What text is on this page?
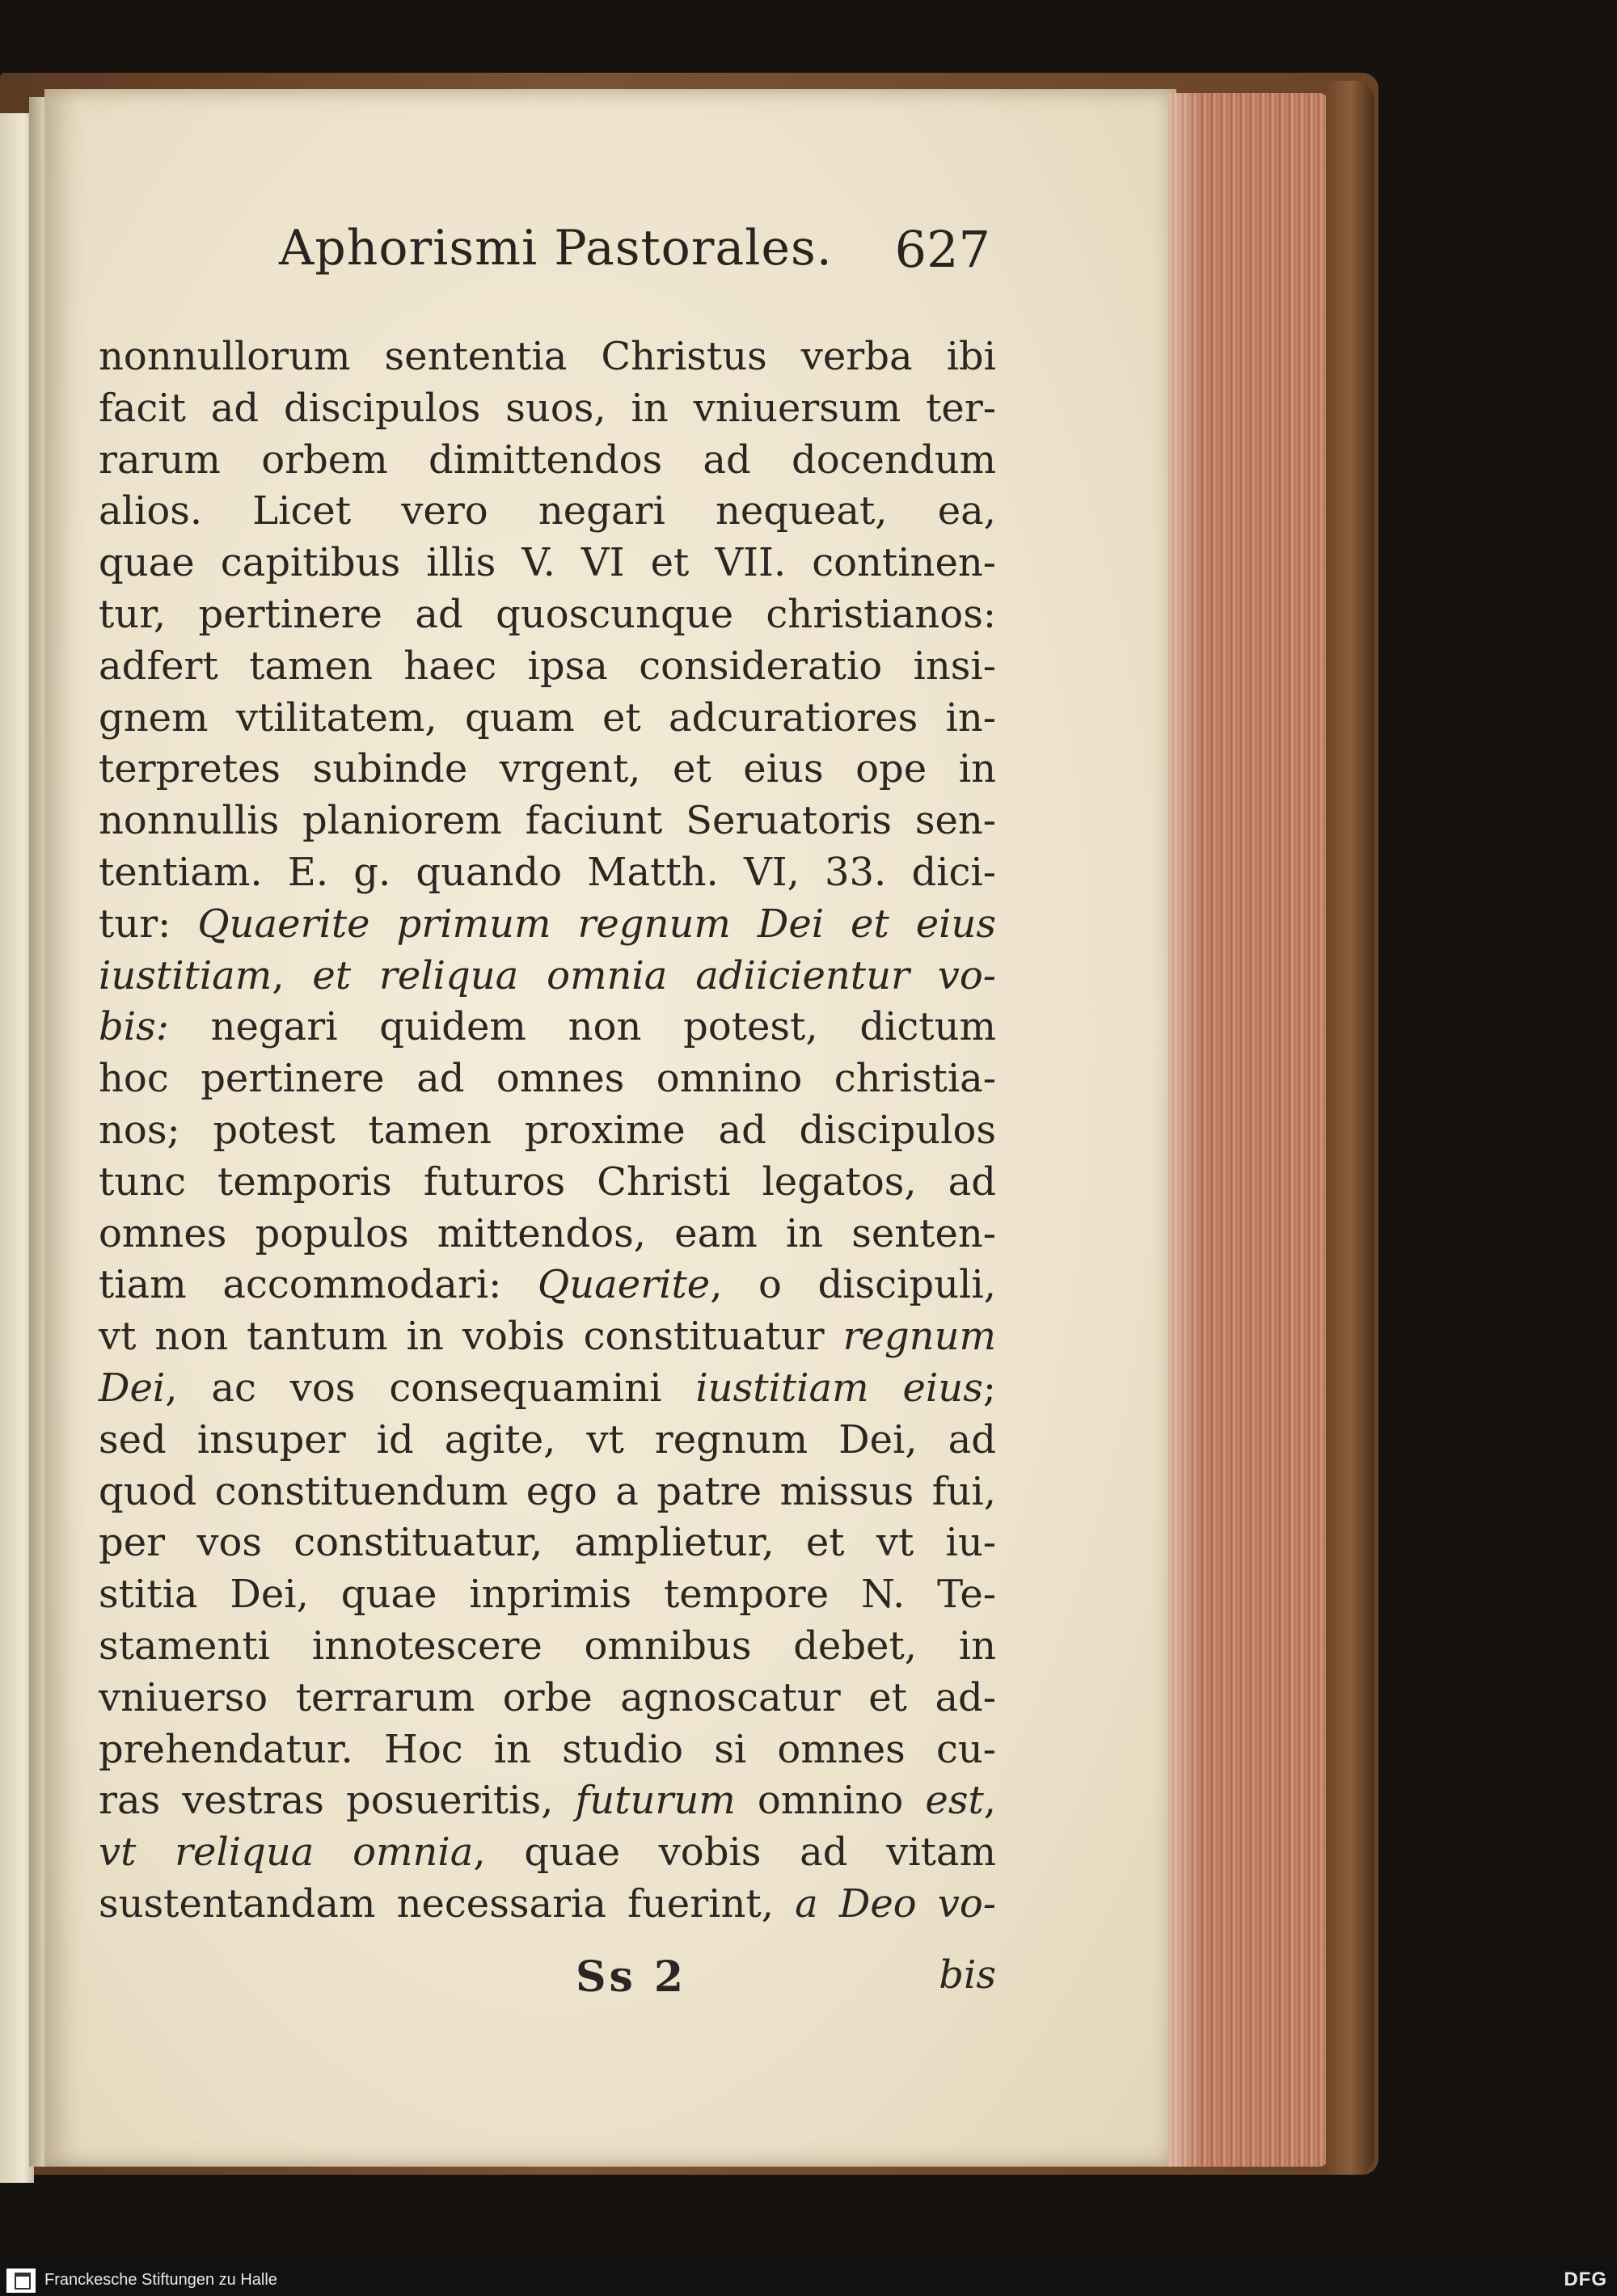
Aphorismi Pastorales. 627
nonnullorum sententia Christus verba ibi
facit ad discipulos suos, in vniuersum ter-
rarum orbem dimittendos ad docendum
alios. Licet vero negari nequeat, ea,
quae capitibus illis V. VI et VII. continen-
tur, pertinere ad quoscunque christianos:
adfert tamen haec ipsa consideratio insi-
gnem vtilitatem, quam et adcuratiores in-
terpretes subinde vrgent, et eius ope in
nonnullis planiorem faciunt Seruatoris sen-
tentiam. E. g. quando Matth. VI, 33. dici-
tur: Quaerite primum regnum Dei et eius
iustitiam, et reliqua omnia adiicientur vo-
bis: negari quidem non potest, dictum
hoc pertinere ad omnes omnino christia-
nos; potest tamen proxime ad discipulos
tunc temporis futuros Christi legatos, ad
omnes populos mittendos, eam in senten-
tiam accommodari: Quaerite, o discipuli,
vt non tantum in vobis constituatur regnum
Dei, ac vos consequamini iustitiam eius;
sed insuper id agite, vt regnum Dei, ad
quod constituendum ego a patre missus fui,
per vos constituatur, amplietur, et vt iu-
stitia Dei, quae inprimis tempore N. Te-
stamenti innotescere omnibus debet, in
vniuerso terrarum orbe agnoscatur et ad-
prehendatur. Hoc in studio si omnes cu-
ras vestras posueritis, futurum omnino est,
vt reliqua omnia, quae vobis ad vitam
sustentandam necessaria fuerint, a Deo vo-
Ss 2	bis
Franckesche Stiftungen zu Halle	DFG
